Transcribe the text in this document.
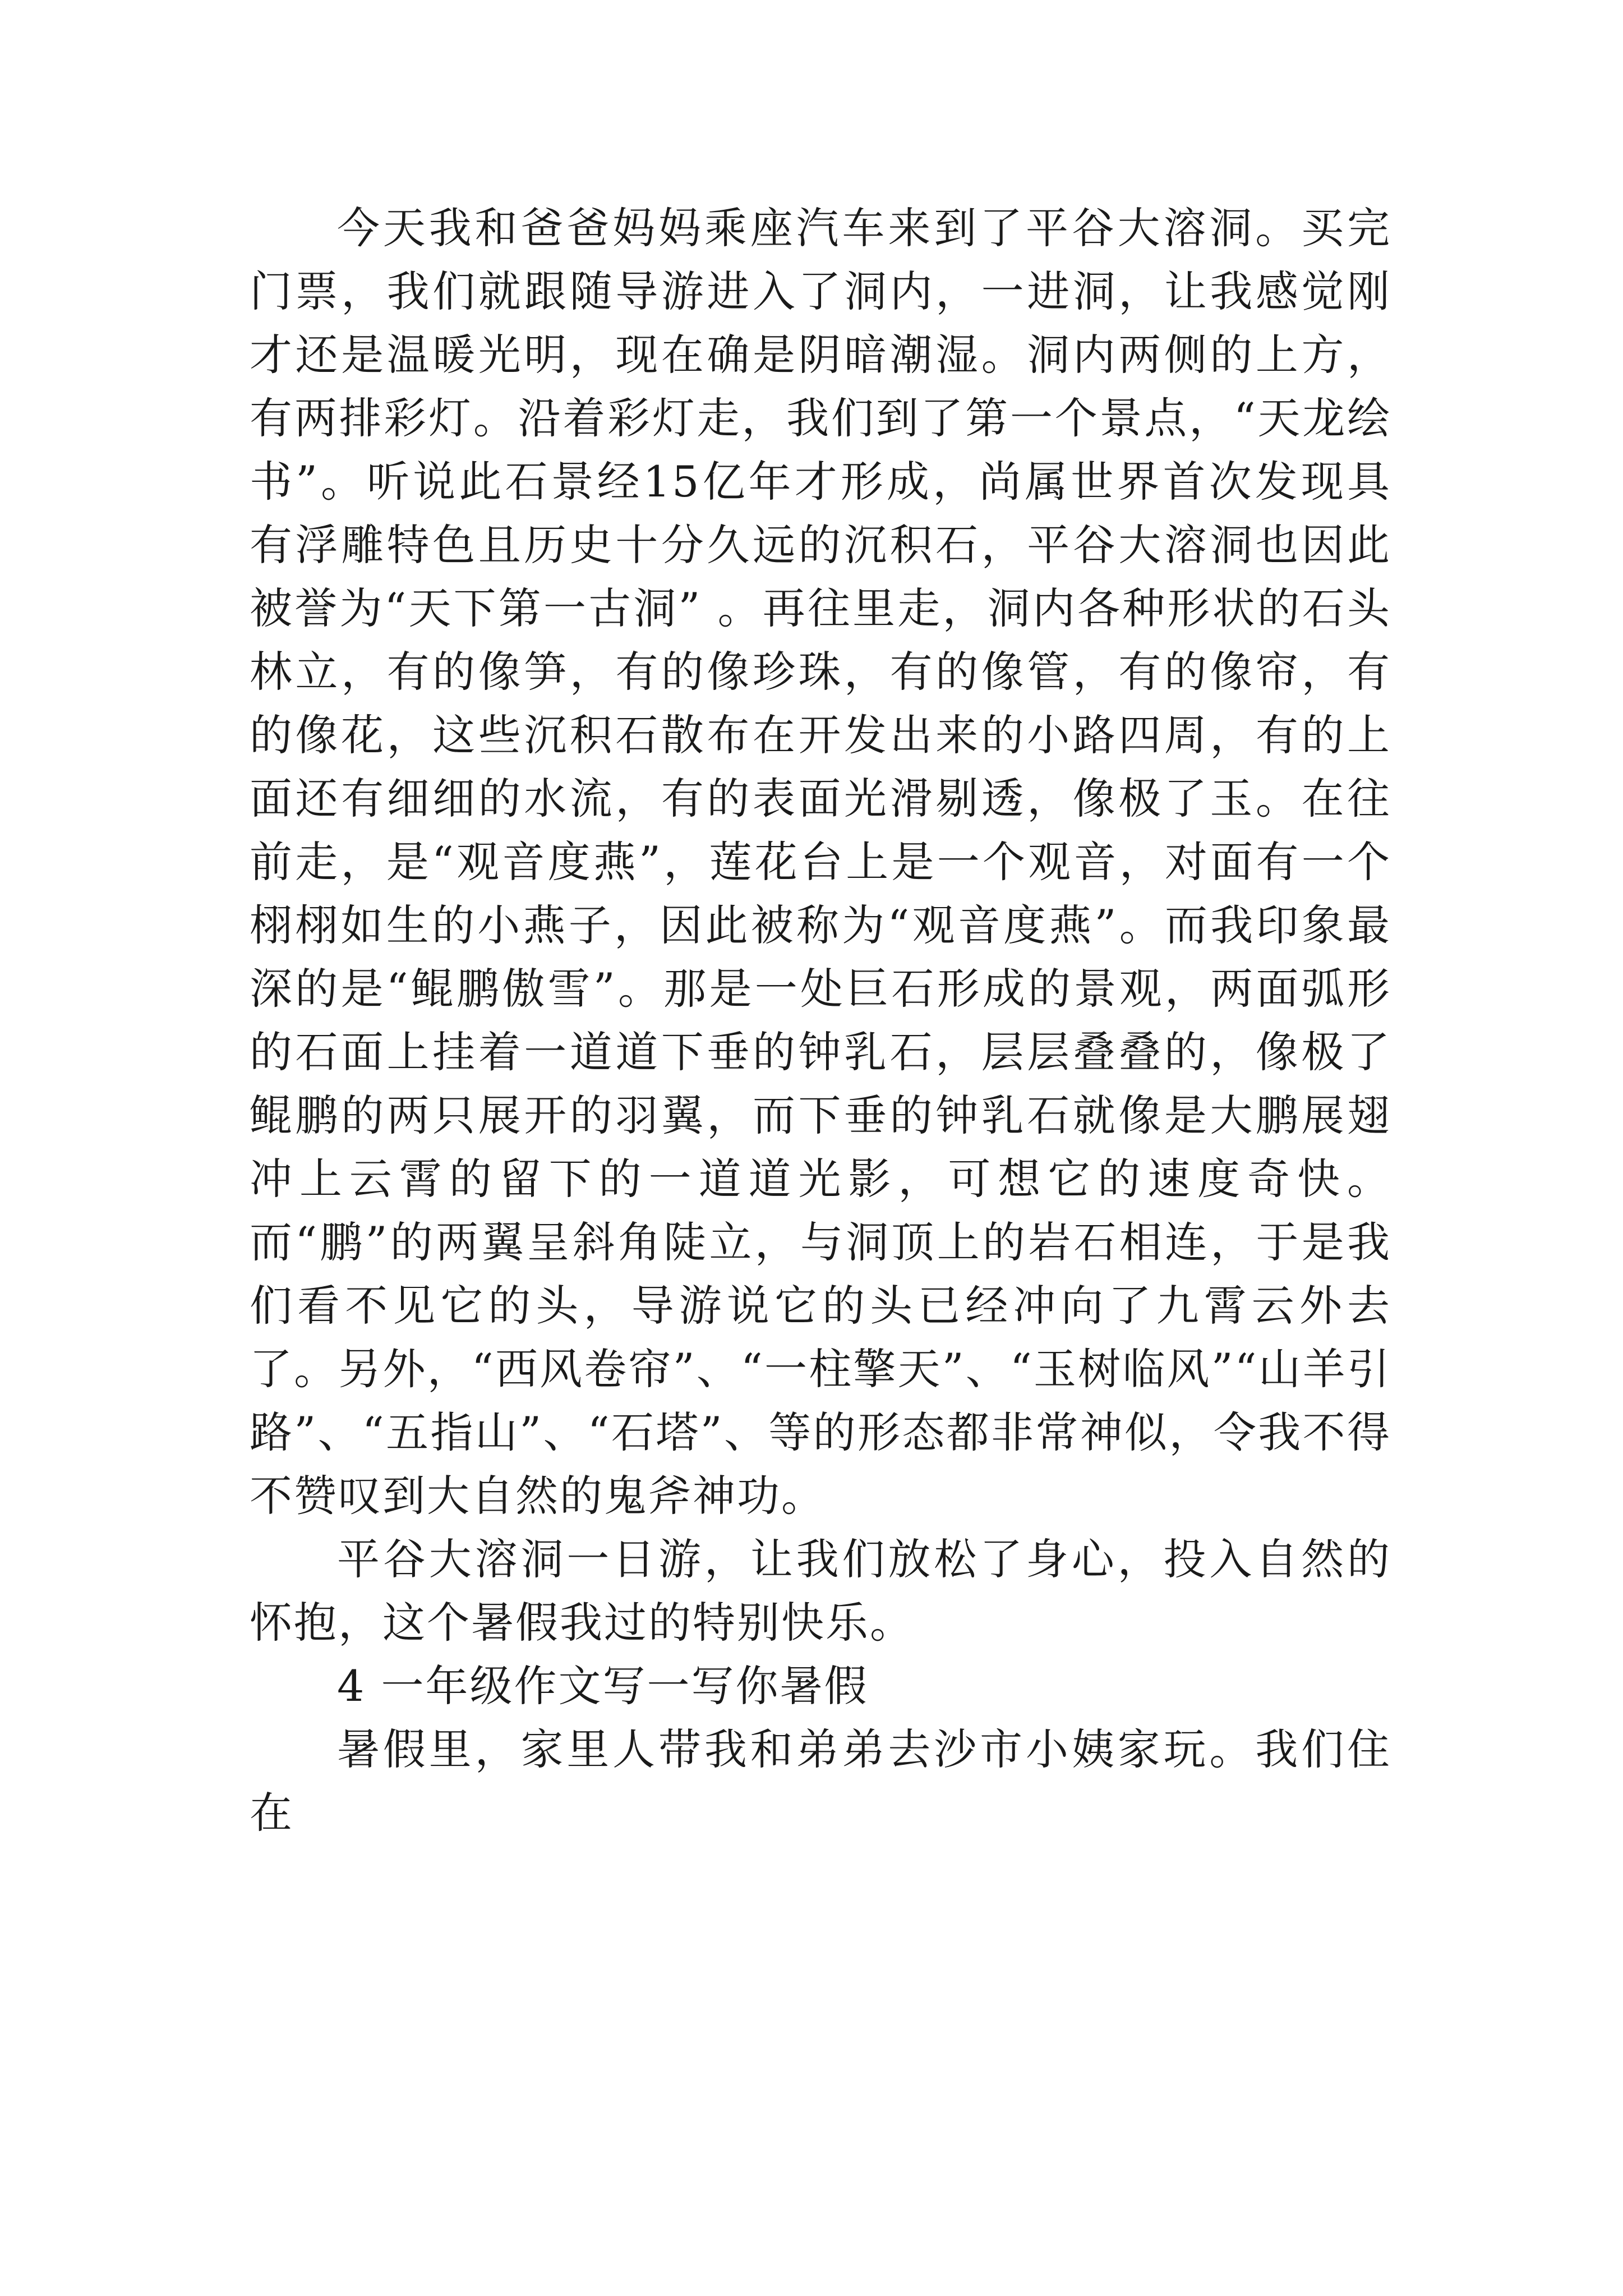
今天我和爸爸妈妈乘座汽车来到了平谷大溶洞。买完门票，我们就跟随导游进入了洞内，一进洞，让我感觉刚才还是温暖光明，现在确是阴暗潮湿。洞内两侧的上方，有两排彩灯。沿着彩灯走，我们到了第一个景点，“天龙绘书”。听说此石景经15亿年才形成，尚属世界首次发现具有浮雕特色且历史十分久远的沉积石，平谷大溶洞也因此被誉为“天下第一古洞” 。再往里走，洞内各种形状的石头林立，有的像笋，有的像珍珠，有的像管，有的像帘，有的像花，这些沉积石散布在开发出来的小路四周，有的上面还有细细的水流，有的表面光滑剔透，像极了玉。在往前走，是“观音度燕”，莲花台上是一个观音，对面有一个栩栩如生的小燕子，因此被称为“观音度燕”。而我印象最深的是“鲲鹏傲雪”。那是一处巨石形成的景观，两面弧形的石面上挂着一道道下垂的钟乳石，层层叠叠的，像极了鲲鹏的两只展开的羽翼，而下垂的钟乳石就像是大鹏展翅冲上云霄的留下的一道道光影，可想它的速度奇快。而“鹏”的两翼呈斜角陡立，与洞顶上的岩石相连，于是我们看不见它的头，导游说它的头已经冲向了九霄云外去了。另外，“西风卷帘”、“一柱擎天”、“玉树临风”“山羊引路”、“五指山”、“石塔”、等的形态都非常神似，令我不得不赞叹到大自然的鬼斧神功。

平谷大溶洞一日游，让我们放松了身心，投入自然的怀抱，这个暑假我过的特别快乐。

4 一年级作文写一写你暑假

暑假里，家里人带我和弟弟去沙市小姨家玩。我们住在
